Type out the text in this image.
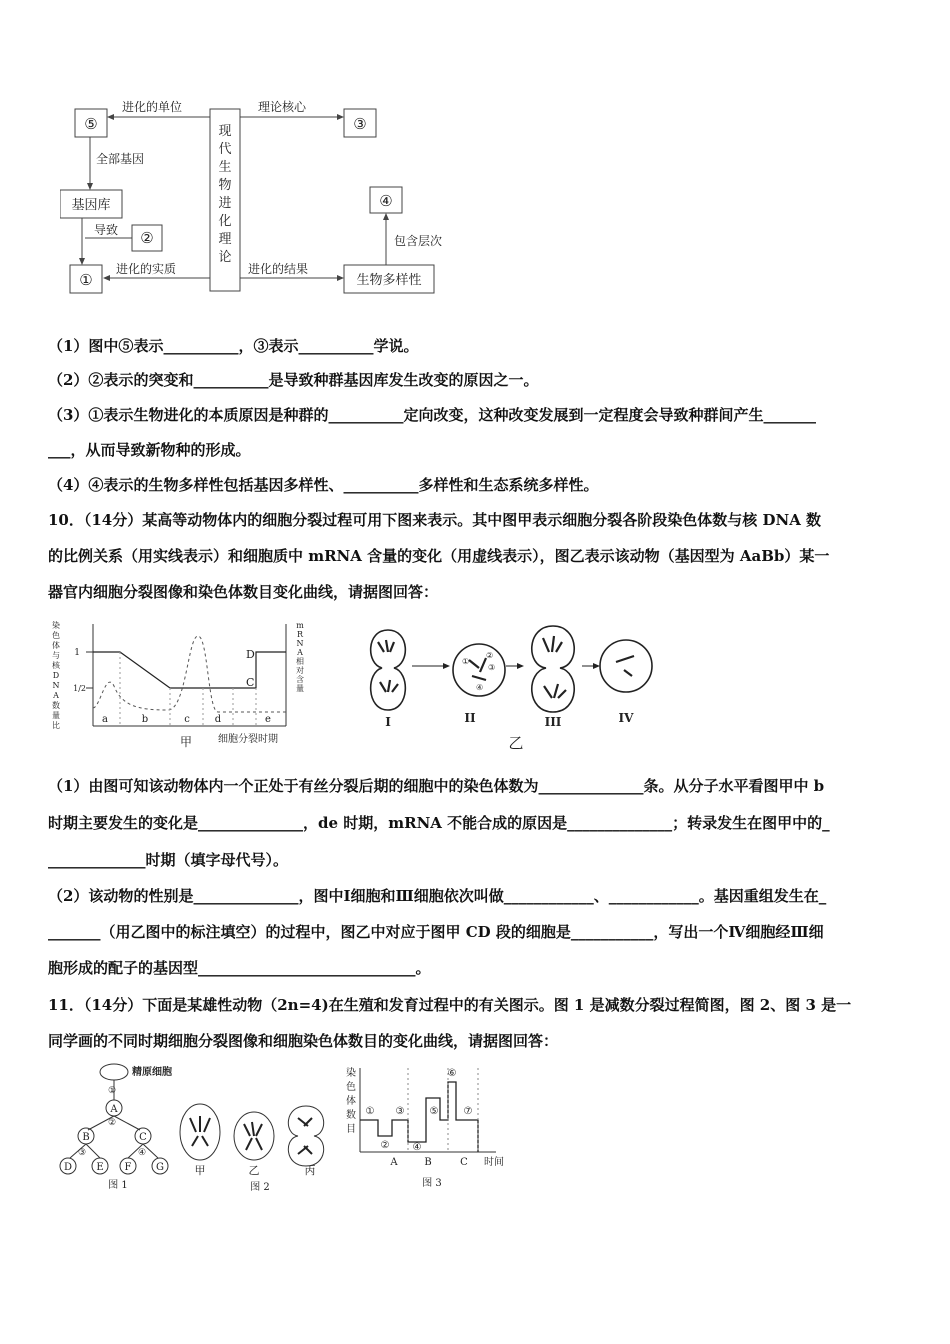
⑤	③
基因库
②
①
④
生物多样性
现代生物进化理论
进化的单位	理论核心
全部基因
导致
进化的实质	进化的结果
包含层次
（1）图中⑤表示__________，③表示__________学说。
（2）②表示的突变和__________是导致种群基因库发生改变的原因之一。
（3）①表示生物进化的本质原因是种群的__________定向改变，这种改变发展到一定程度会导致种群间产生_______
___，从而导致新物种的形成。
（4）④表示的生物多样性包括基因多样性、__________多样性和生态系统多样性。
10．（14分）某高等动物体内的细胞分裂过程可用下图来表示。其中图甲表示细胞分裂各阶段染色体数与核 DNA 数
的比例关系（用实线表示）和细胞质中 mRNA 含量的变化（用虚线表示），图乙表示该动物（基因型为 AaBb）某一
器官内细胞分裂图像和染色体数目变化曲线，请据图回答：
染色体与核 D N A 数量比
1
1/2
a	b	c d	e
D
C
m R N A 相对含量
细胞分裂时期
甲
①
②
③
④
I	II	III	IV
乙
（1）由图可知该动物体内一个正处于有丝分裂后期的细胞中的染色体数为______________条。从分子水平看图甲中 b
时期主要发生的变化是______________，de 时期，mRNA 不能合成的原因是______________；转录发生在图甲中的_
_____________时期（填字母代号）。
（2）该动物的性别是______________，图中Ⅰ细胞和Ⅲ细胞依次叫做____________、____________。基因重组发生在_
_______（用乙图中的标注填空）的过程中，图乙中对应于图甲 CD 段的细胞是___________，写出一个Ⅳ细胞经Ⅲ细
胞形成的配子的基因型_____________________________。
11．（14分）下面是某雄性动物（2n=4)在生殖和发育过程中的有关图示。图 1 是减数分裂过程简图，图 2、图 3 是一
同学画的不同时期细胞分裂图像和细胞染色体数目的变化曲线，请据图回答：
精原细胞
①
A
②
B	C
③	④
D E F G
图 1
甲	乙	丙
图 2
染色体数目
①
②
③
④
⑤
⑥
⑦
A	B	C 时间
图 3
